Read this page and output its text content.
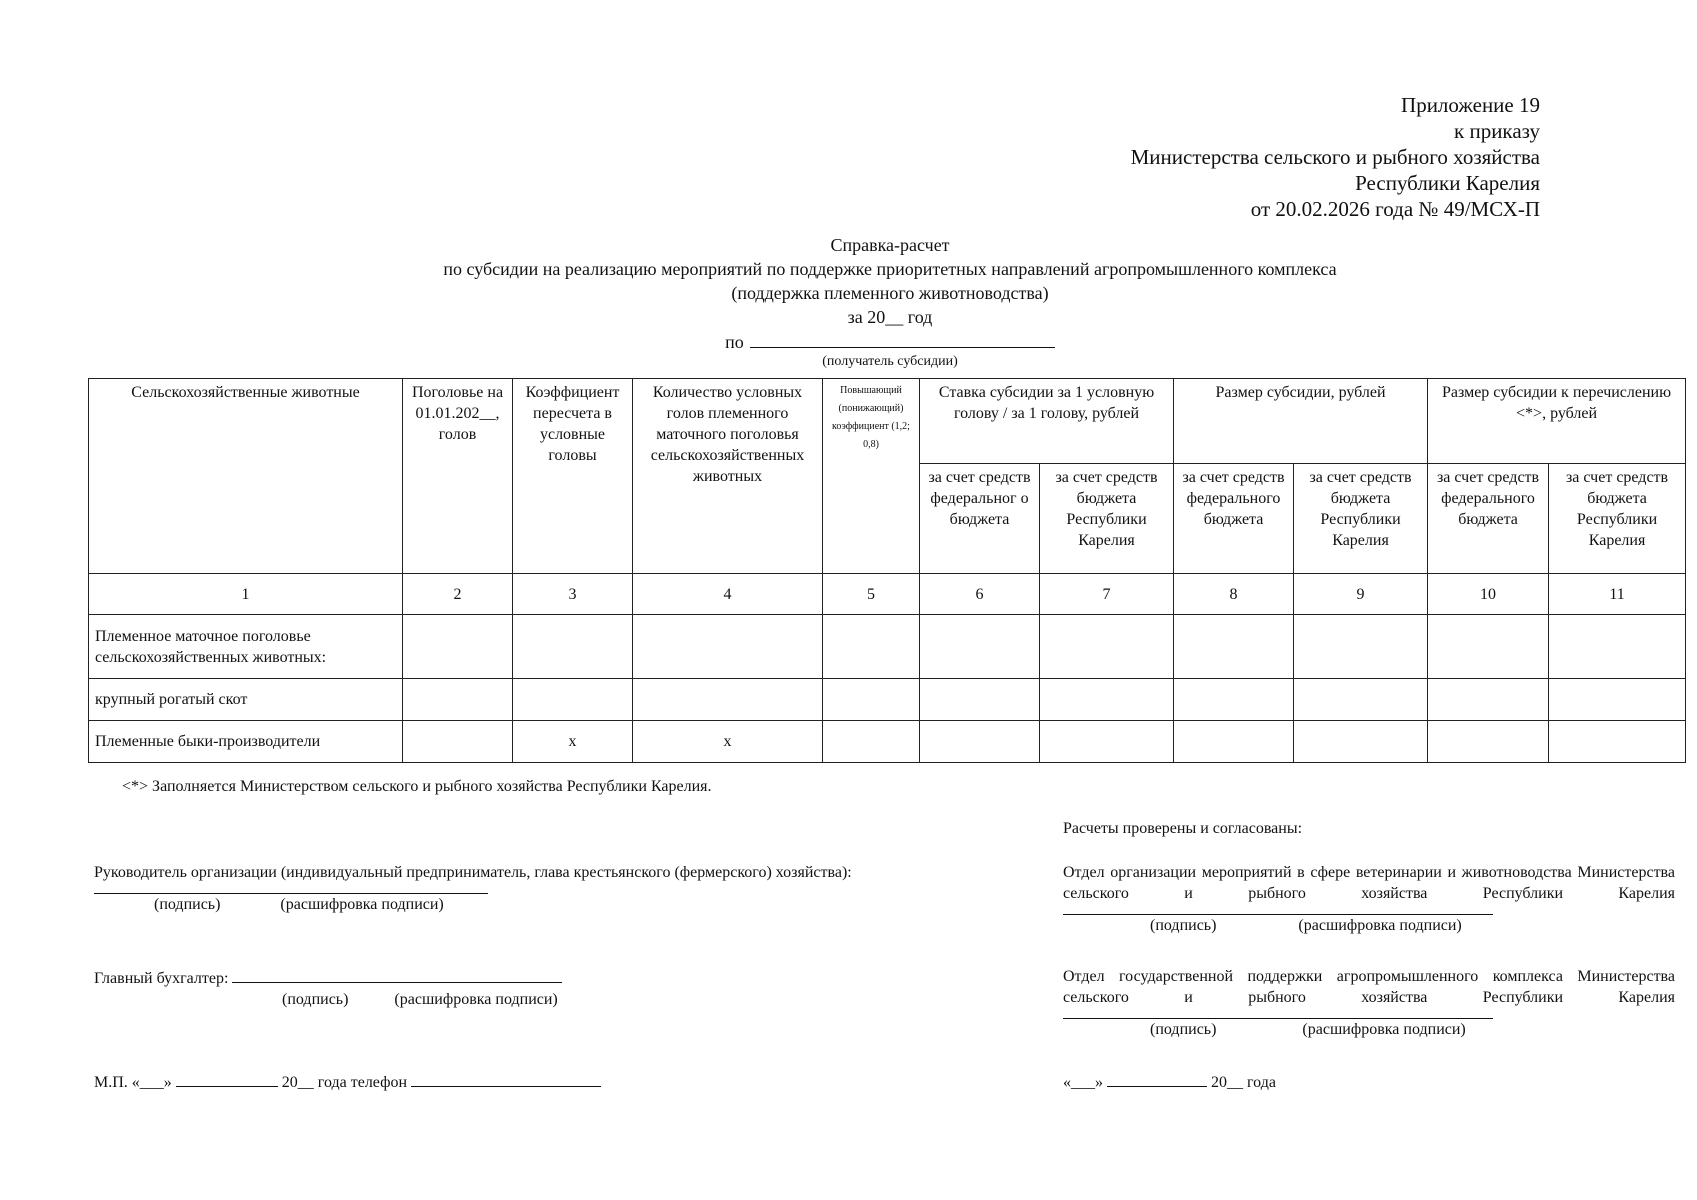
Приложение 19
к приказу
Министерства сельского и рыбного хозяйства
Республики Карелия
от 20.02.2026 года № 49/МСХ-П
Справка-расчет
по субсидии на реализацию мероприятий по поддержке приоритетных направлений агропромышленного комплекса
(поддержка племенного животноводства)
за 20__ год
по
(получатель субсидии)
Сельскохозяйственные животные	Поголовье на 01.01.202__, голов	Коэффициент пересчета в условные головы	Количество условных голов племенного маточного поголовья сельскохозяйственных животных	Повышающий (понижающий) коэффициент (1,2; 0,8)	Ставка субсидии за 1 условную голову / за 1 голову, рублей		Размер субсидии, рублей		Размер субсидии к перечислению <*>, рублей	
					за счет средств федеральног о бюджета	за счет средств бюджета Республики Карелия	за счет средств федерального бюджета	за счет средств бюджета Республики Карелия	за счет средств федерального бюджета	за счет средств бюджета Республики Карелия
1	2	3	4	5	6	7	8	9	10	11
Племенное маточное поголовье сельскохозяйственных животных:										
крупный рогатый скот										
Племенные быки-производители		х	х							
<*> Заполняется Министерством сельского и рыбного хозяйства Республики Карелия.
Руководитель организации (индивидуальный предприниматель, глава крестьянского (фермерского) хозяйства):
(подпись)	(расшифровка подписи)
Главный бухгалтер:
(подпись)	(расшифровка подписи)
М.П. «___»	20__ года телефон
Расчеты проверены и согласованы:
Отдел организации мероприятий в сфере ветеринарии и животноводства Министерства сельского и рыбного хозяйства Республики Карелия
(подпись)	(расшифровка подписи)
Отдел государственной поддержки агропромышленного комплекса Министерства сельского и рыбного хозяйства Республики Карелия
(подпись)	(расшифровка подписи)
«___»	20__ года
